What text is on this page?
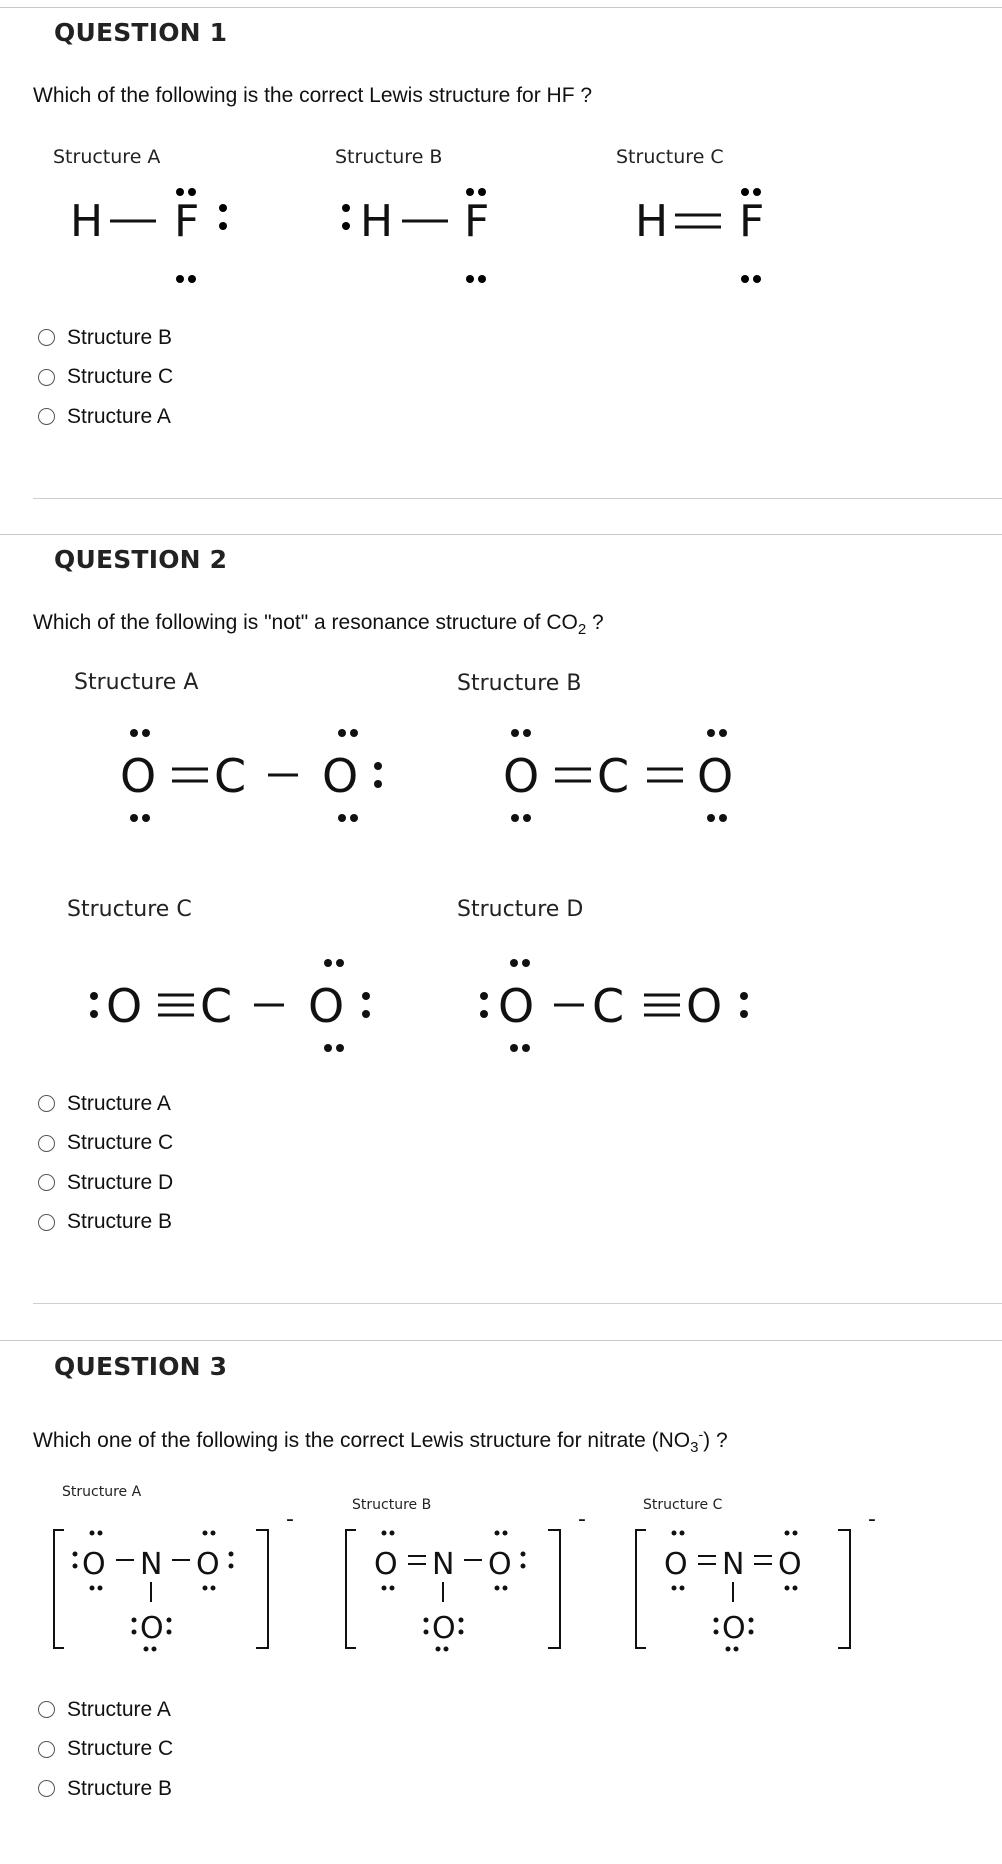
QUESTION 1
Which of the following is the correct Lewis structure for HF ?
Structure A	Structure B	Structure C
H F	H F	H F
Structure B
Structure C
Structure A
QUESTION 2
Which of the following is "not" a resonance structure of $CO_2$ ?
Structure A	Structure B
O C O	O C O
Structure C	Structure D
O C O	O C O
Structure A
Structure C
Structure D
Structure B
QUESTION 3
Which one of the following is the correct Lewis structure for nitrate $(NO_3^-)$ ?
Structure A
Structure B	Structure C
-
O N O
O
-
O N O
O
-
O N O
O
Structure A
Structure C
Structure B
